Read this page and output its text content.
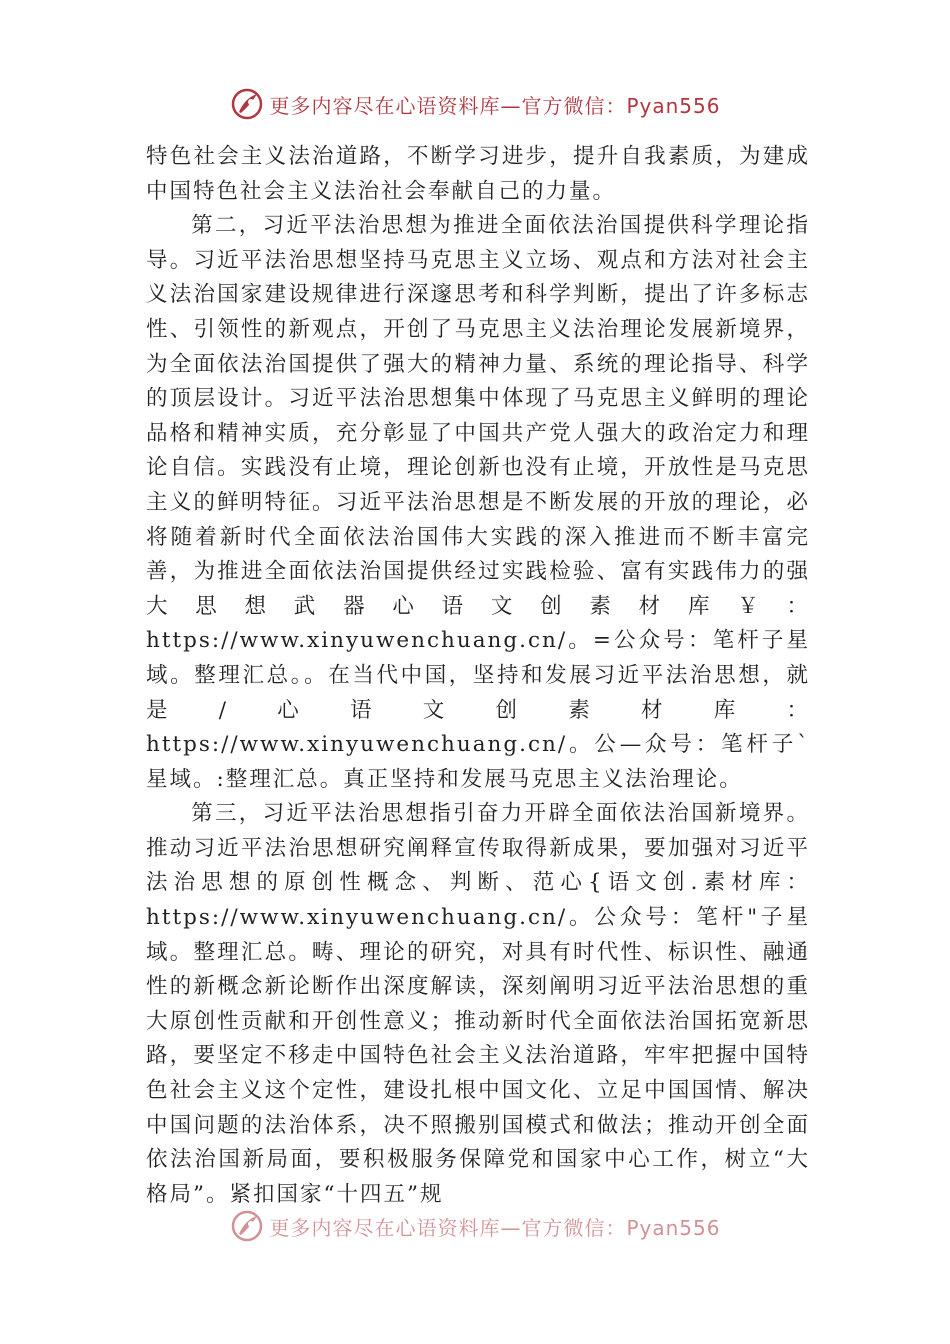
更多内容尽在心语资料库—官方微信：Pyan556

特色社会主义法治道路，不断学习进步，提升自我素质，为建成中国特色社会主义法治社会奉献自己的力量。

第二，习近平法治思想为推进全面依法治国提供科学理论指导。习近平法治思想坚持马克思主义立场、观点和方法对社会主义法治国家建设规律进行深邃思考和科学判断，提出了许多标志性、引领性的新观点，开创了马克思主义法治理论发展新境界，为全面依法治国提供了强大的精神力量、系统的理论指导、科学的顶层设计。习近平法治思想集中体现了马克思主义鲜明的理论品格和精神实质，充分彰显了中国共产党人强大的政治定力和理论自信。实践没有止境，理论创新也没有止境，开放性是马克思主义的鲜明特征。习近平法治思想是不断发展的开放的理论，必将随着新时代全面依法治国伟大实践的深入推进而不断丰富完善，为推进全面依法治国提供经过实践检验、富有实践伟力的强大思想武器心语文创素材库￥：https://www.xinyuwenchuang.cn/。=公众号：笔杆子星域。整理汇总。。在当代中国，坚持和发展习近平法治思想，就是/心语文创素材库：https://www.xinyuwenchuang.cn/。公—众号：笔杆子`星域。:整理汇总。真正坚持和发展马克思主义法治理论。

第三，习近平法治思想指引奋力开辟全面依法治国新境界。推动习近平法治思想研究阐释宣传取得新成果，要加强对习近平法治思想的原创性概念、判断、范心{语文创.素材库：https://www.xinyuwenchuang.cn/。公众号：笔杆"子星域。整理汇总。畴、理论的研究，对具有时代性、标识性、融通性的新概念新论断作出深度解读，深刻阐明习近平法治思想的重大原创性贡献和开创性意义；推动新时代全面依法治国拓宽新思路，要坚定不移走中国特色社会主义法治道路，牢牢把握中国特色社会主义这个定性，建设扎根中国文化、立足中国国情、解决中国问题的法治体系，决不照搬别国模式和做法；推动开创全面依法治国新局面，要积极服务保障党和国家中心工作，树立“大格局”。紧扣国家“十四五”规

更多内容尽在心语资料库—官方微信：Pyan556
